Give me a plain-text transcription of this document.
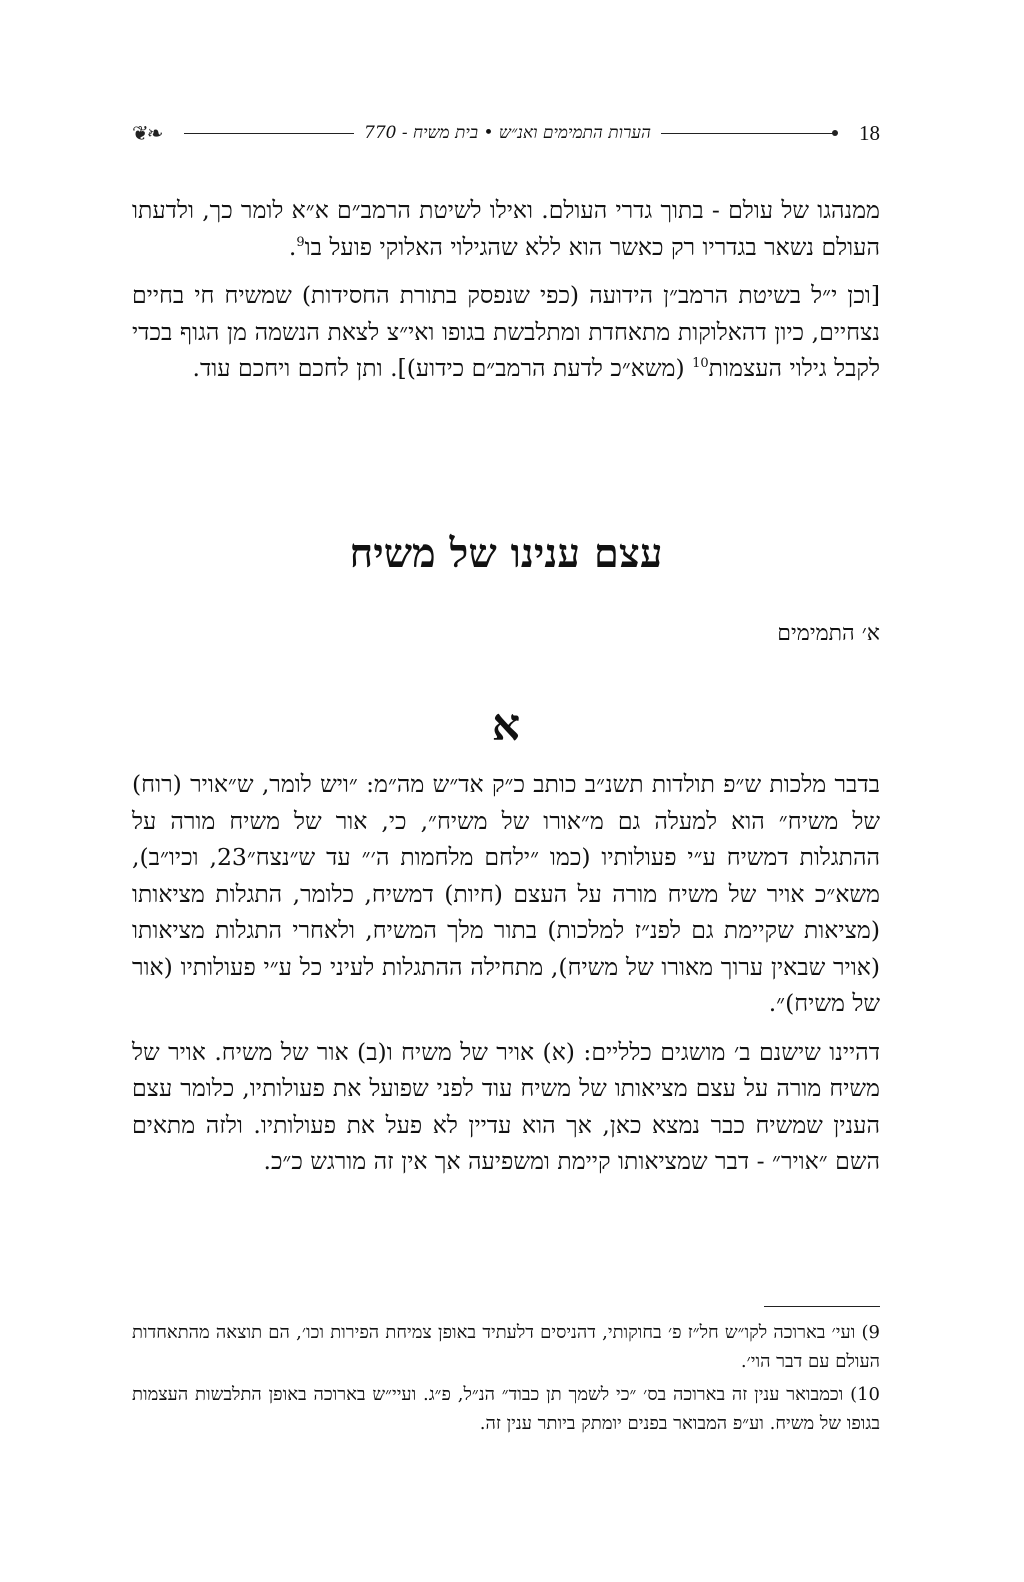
❦❧	הערות התמימים ואנ״ש • בית משיח - 770	18

ממנהגו של עולם - בתוך גדרי העולם. ואילו לשיטת הרמב״ם א״א לומר כך, ולדעתו העולם נשאר בגדריו רק כאשר הוא ללא שהגילוי האלוקי פועל בו$^9$.

[וכן י״ל בשיטת הרמב״ן הידועה (כפי שנפסק בתורת החסידות) שמשיח חי בחיים נצחיים, כיון דהאלוקות מתאחדת ומתלבשת בגופו ואי״צ לצאת הנשמה מן הגוף בכדי לקבל גילוי העצמות$^{10}$ (משא״כ לדעת הרמב״ם כידוע)]. ותן לחכם ויחכם עוד.

עצם ענינו של משיח
א׳ התמימים
א

בדבר מלכות ש״פ תולדות תשנ״ב כותב כ״ק אד״ש מה״מ: ״ויש לומר, ש״אויר (רוח) של משיח״ הוא למעלה גם מ״אורו של משיח״, כי, אור של משיח מורה על ההתגלות דמשיח ע״י פעולותיו (כמו ״ילחם מלחמות ה׳״ עד ש״נצח״23, וכיו״ב), משא״כ אויר של משיח מורה על העצם (חיות) דמשיח, כלומר, התגלות מציאותו (מציאות שקיימת גם לפנ״ז למלכות) בתור מלך המשיח, ולאחרי התגלות מציאותו (אויר שבאין ערוך מאורו של משיח), מתחילה ההתגלות לעיני כל ע״י פעולותיו (אור של משיח)״.

דהיינו שישנם ב׳ מושגים כלליים: (א) אויר של משיח ו(ב) אור של משיח. אויר של משיח מורה על עצם מציאותו של משיח עוד לפני שפועל את פעולותיו, כלומר עצם הענין שמשיח כבר נמצא כאן, אך הוא עדיין לא פעל את פעולותיו. ולזה מתאים השם ״אויר״ - דבר שמציאותו קיימת ומשפיעה אך אין זה מורגש כ״כ.

9) ועי׳ בארוכה לקו״ש חל״ז פ׳ בחוקותי, דהניסים דלעתיד באופן צמיחת הפירות וכו׳, הם תוצאה מהתאחדות העולם עם דבר הוי׳.

10) וכמבואר ענין זה בארוכה בס׳ ״כי לשמך תן כבוד״ הנ״ל, פ״ג. ועיי״ש בארוכה באופן התלבשות העצמות בגופו של משיח. וע״פ המבואר בפנים יומתק ביותר ענין זה.
